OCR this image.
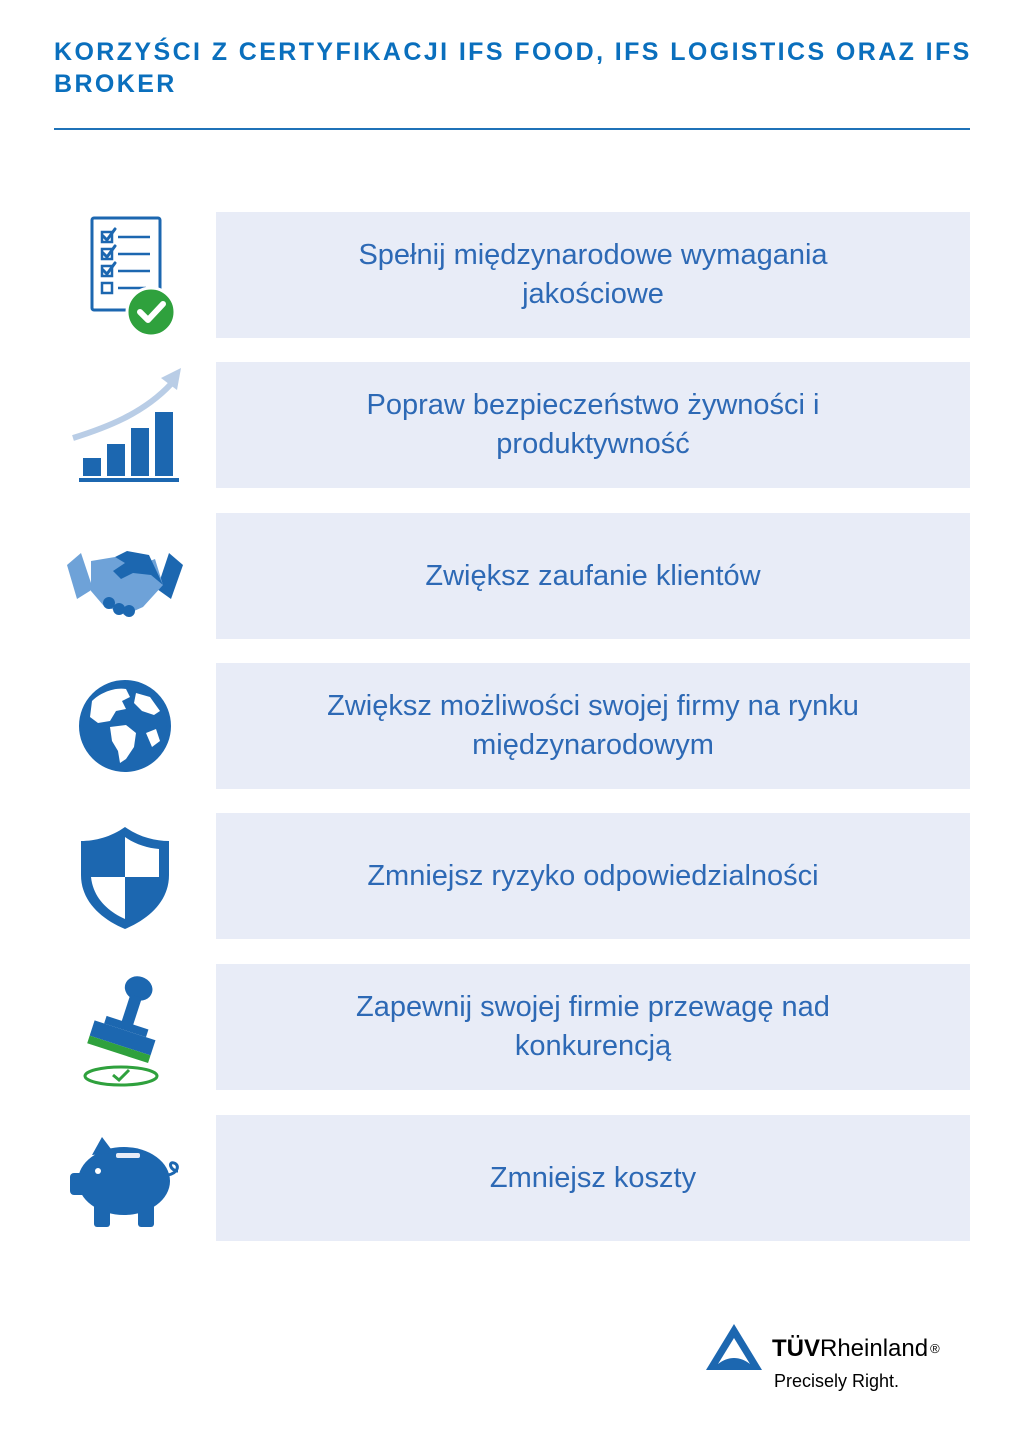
KORZYŚCI Z CERTYFIKACJI IFS FOOD, IFS LOGISTICS ORAZ IFS BROKER
Spełnij międzynarodowe wymagania jakościowe
Popraw bezpieczeństwo żywności i produktywność
Zwiększ zaufanie klientów
Zwiększ możliwości swojej firmy na rynku międzynarodowym
Zmniejsz ryzyko odpowiedzialności
Zapewnij swojej firmie przewagę nad konkurencją
Zmniejsz koszty
TÜVRheinland ®
Precisely Right.
